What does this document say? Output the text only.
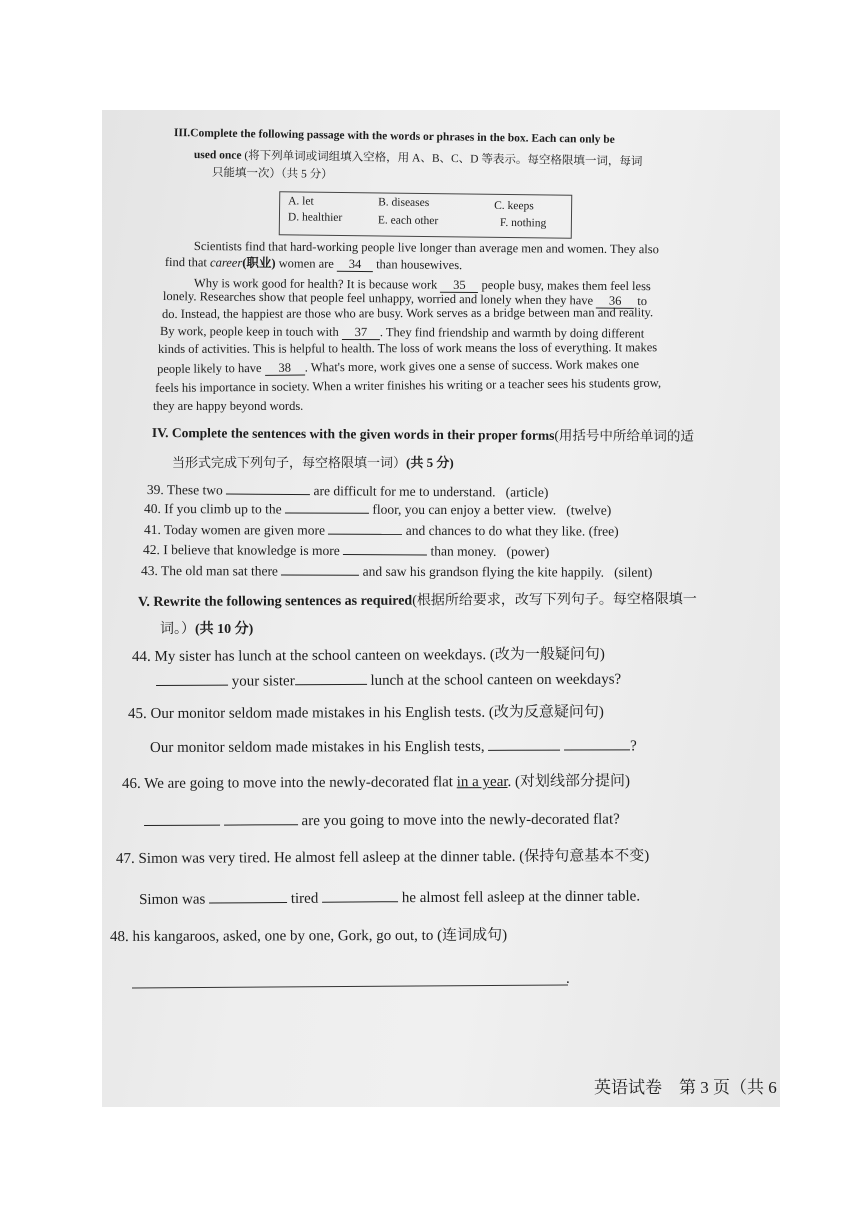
III.Complete the following passage with the words or phrases in the box. Each can only be
used once (将下列单词或词组填入空格，用 A、B、C、D 等表示。每空格限填一词，每词
只能填一次）（共 5 分）
A. let	B. diseases	C. keeps
D. healthier	E. each other	F. nothing
Scientists find that hard-working people live longer than average men and women. They also
find that career(职业) women are 34 than housewives.
Why is work good for health? It is because work 35 people busy, makes them feel less
lonely. Researches show that people feel unhappy, worried and lonely when they have 36 to
do. Instead, the happiest are those who are busy. Work serves as a bridge between man and reality.
By work, people keep in touch with 37 . They find friendship and warmth by doing different
kinds of activities. This is helpful to health. The loss of work means the loss of everything. It makes
people likely to have 38 . What's more, work gives one a sense of success. Work makes one
feels his importance in society. When a writer finishes his writing or a teacher sees his students grow,
they are happy beyond words.
IV. Complete the sentences with the given words in their proper forms(用括号中所给单词的适
当形式完成下列句子，每空格限填一词）(共 5 分)
39. These two	are difficult for me to understand. (article)
40. If you climb up to the	floor, you can enjoy a better view. (twelve)
41. Today women are given more	and chances to do what they like. (free)
42. I believe that knowledge is more	than money. (power)
43. The old man sat there	and saw his grandson flying the kite happily. (silent)
V. Rewrite the following sentences as required(根据所给要求，改写下列句子。每空格限填一
词。）(共 10 分)
44. My sister has lunch at the school canteen on weekdays. (改为一般疑问句)
your sister	lunch at the school canteen on weekdays?
45. Our monitor seldom made mistakes in his English tests. (改为反意疑问句)
Our monitor seldom made mistakes in his English tests,	?
46. We are going to move into the newly-decorated flat in a year. (对划线部分提问)
are you going to move into the newly-decorated flat?
47. Simon was very tired. He almost fell asleep at the dinner table. (保持句意基本不变)
Simon was	tired	he almost fell asleep at the dinner table.
48. his kangaroos, asked, one by one, Gork, go out, to (连词成句)
.
英语试卷　第 3 页（共 6
